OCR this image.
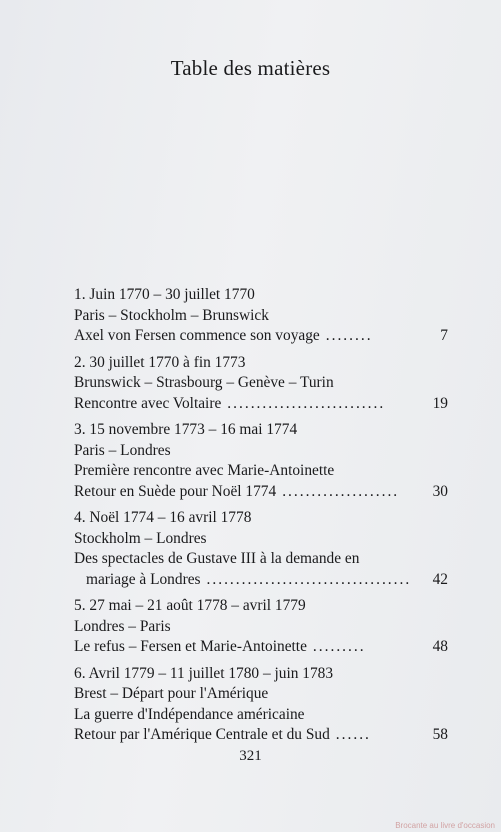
Table des matières
1. Juin 1770 – 30 juillet 1770
Paris – Stockholm – Brunswick
Axel von Fersen commence son voyage ........	7
2. 30 juillet 1770 à fin 1773
Brunswick – Strasbourg – Genève – Turin
Rencontre avec Voltaire ...........................	19
3. 15 novembre 1773 – 16 mai 1774
Paris – Londres
Première rencontre avec Marie-Antoinette
Retour en Suède pour Noël 1774 ....................	30
4. Noël 1774 – 16 avril 1778
Stockholm – Londres
Des spectacles de Gustave III à la demande en
mariage à Londres ...................................	42
5. 27 mai – 21 août 1778 – avril 1779
Londres – Paris
Le refus – Fersen et Marie-Antoinette .........	48
6. Avril 1779 – 11 juillet 1780 – juin 1783
Brest – Départ pour l'Amérique
La guerre d'Indépendance américaine
Retour par l'Amérique Centrale et du Sud ......	58
321
Brocante au livre d'occasion
